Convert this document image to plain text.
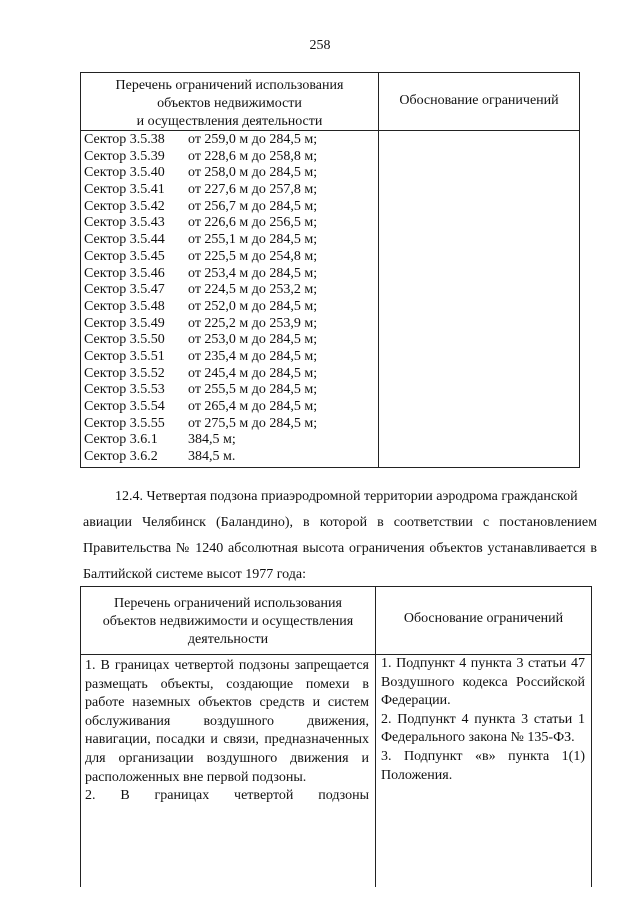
258
Перечень ограничений использования
объектов недвижимости
и осуществления деятельности
Обоснование ограничений
Сектор 3.5.38 от 259,0 м до 284,5 м;
Сектор 3.5.39 от 228,6 м до 258,8 м;
Сектор 3.5.40 от 258,0 м до 284,5 м;
Сектор 3.5.41 от 227,6 м до 257,8 м;
Сектор 3.5.42 от 256,7 м до 284,5 м;
Сектор 3.5.43 от 226,6 м до 256,5 м;
Сектор 3.5.44 от 255,1 м до 284,5 м;
Сектор 3.5.45 от 225,5 м до 254,8 м;
Сектор 3.5.46 от 253,4 м до 284,5 м;
Сектор 3.5.47 от 224,5 м до 253,2 м;
Сектор 3.5.48 от 252,0 м до 284,5 м;
Сектор 3.5.49 от 225,2 м до 253,9 м;
Сектор 3.5.50 от 253,0 м до 284,5 м;
Сектор 3.5.51 от 235,4 м до 284,5 м;
Сектор 3.5.52 от 245,4 м до 284,5 м;
Сектор 3.5.53 от 255,5 м до 284,5 м;
Сектор 3.5.54 от 265,4 м до 284,5 м;
Сектор 3.5.55 от 275,5 м до 284,5 м;
Сектор 3.6.1 384,5 м;
Сектор 3.6.2 384,5 м.
12.4. Четвертая подзона приаэродромной территории аэродрома гражданской
авиации Челябинск (Баландино), в которой в соответствии с постановлением Правительства № 1240 абсолютная высота ограничения объектов устанавливается в Балтийской системе высот 1977 года:
Перечень ограничений использования
объектов недвижимости и осуществления
деятельности
Обоснование ограничений

1. В границах четвертой подзоны запрещается размещать объекты, создающие помехи в работе наземных объектов средств и систем обслуживания воздушного движения, навигации, посадки и связи, предназначенных для организации воздушного движения и расположенных вне первой подзоны.

2. В границах четвертой подзоны

1. Подпункт 4 пункта 3 статьи 47 Воздушного кодекса Российской Федерации.

2. Подпункт 4 пункта 3 статьи 1 Федерального закона № 135-ФЗ.

3. Подпункт «в» пункта 1(1) Положения.
